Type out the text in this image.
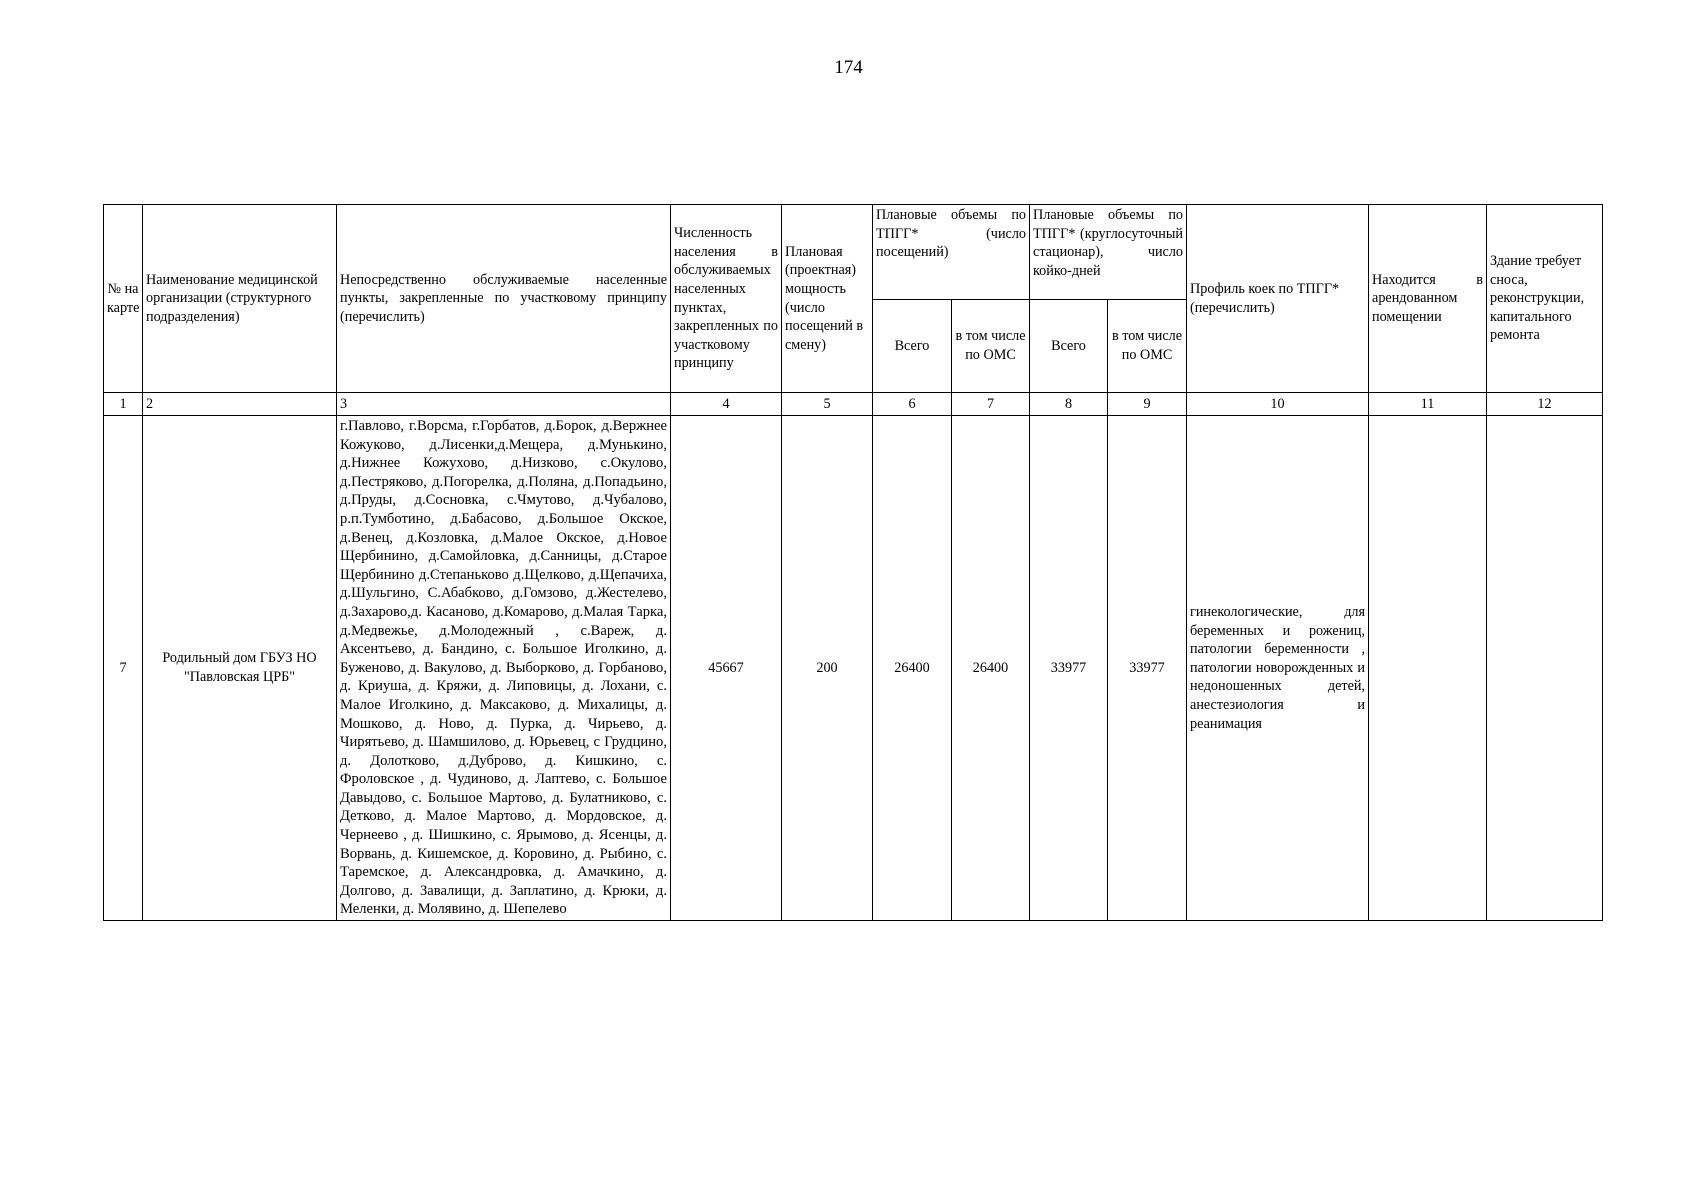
174
№ на карте	Наименование медицинской организации (структурного подразделения)	Непосредственно обслуживаемые населенные пункты, закрепленные по участковому принципу (перечислить)	Численность населения в обслуживаемых населенных пунктах, закрепленных по участковому принципу	Плановая (проектная) мощность (число посещений в смену)	Плановые объемы по ТПГГ* (число посещений)		Плановые объемы по ТПГГ* (круглосуточный стационар), число койко-дней		Профиль коек по ТПГГ* (перечислить)	Находится в арендованном помещении	Здание требует сноса, реконструкции, капитального ремонта
					Всего	в том числе по ОМС	Всего	в том числе по ОМС			
1	2	3	4	5	6	7	8	9	10	11	12
7	Родильный дом ГБУЗ НО "Павловская ЦРБ"	г.Павлово, г.Ворсма, г.Горбатов, д.Борок, д.Вержнее Кожуково, д.Лисенки,д.Мещера, д.Мунькино, д.Нижнее Кожухово, д.Низково, с.Окулово, д.Пестряково, д.Погорелка, д.Поляна, д.Попадьино, д.Пруды, д.Сосновка, с.Чмутово, д.Чубалово, р.п.Тумботино, д.Бабасово, д.Большое Окское, д.Венец, д.Козловка, д.Малое Окское, д.Новое Щербинино, д.Самойловка, д.Санницы, д.Старое Щербинино д.Степаньково д.Щелково, д.Щепачиха, д.Шульгино, С.Абабково, д.Гомзово, д.Жестелево, д.Захарово,д. Касаново, д.Комарово, д.Малая Тарка, д.Медвежье, д.Молодежный , с.Вареж, д. Аксентьево, д. Бандино, с. Большое Иголкино, д. Буженово, д. Вакулово, д. Выборково, д. Горбаново, д. Криуша, д. Кряжи, д. Липовицы, д. Лохани, с. Малое Иголкино, д. Максаково, д. Михалицы, д. Мошково, д. Ново, д. Пурка, д. Чирьево, д. Чирятьево, д. Шамшилово, д. Юрьевец, с Грудцино, д. Долотково, д.Дуброво, д. Кишкино, с. Фроловское , д. Чудиново, д. Лаптево, с. Большое Давыдово, с. Большое Мартово, д. Булатниково, с. Детково, д. Малое Мартово, д. Мордовское, д. Чернеево , д. Шишкино, с. Ярымово, д. Ясенцы, д. Ворвань, д. Кишемское, д. Коровино, д. Рыбино, с. Таремское, д. Александровка, д. Амачкино, д. Долгово, д. Завалищи, д. Заплатино, д. Крюки, д. Меленки, д. Молявино, д. Шепелево	45667	200	26400	26400	33977	33977	гинекологические, для беременных и рожениц, патологии беременности , патологии новорожденных и недоношенных детей, анестезиология и реанимация		
